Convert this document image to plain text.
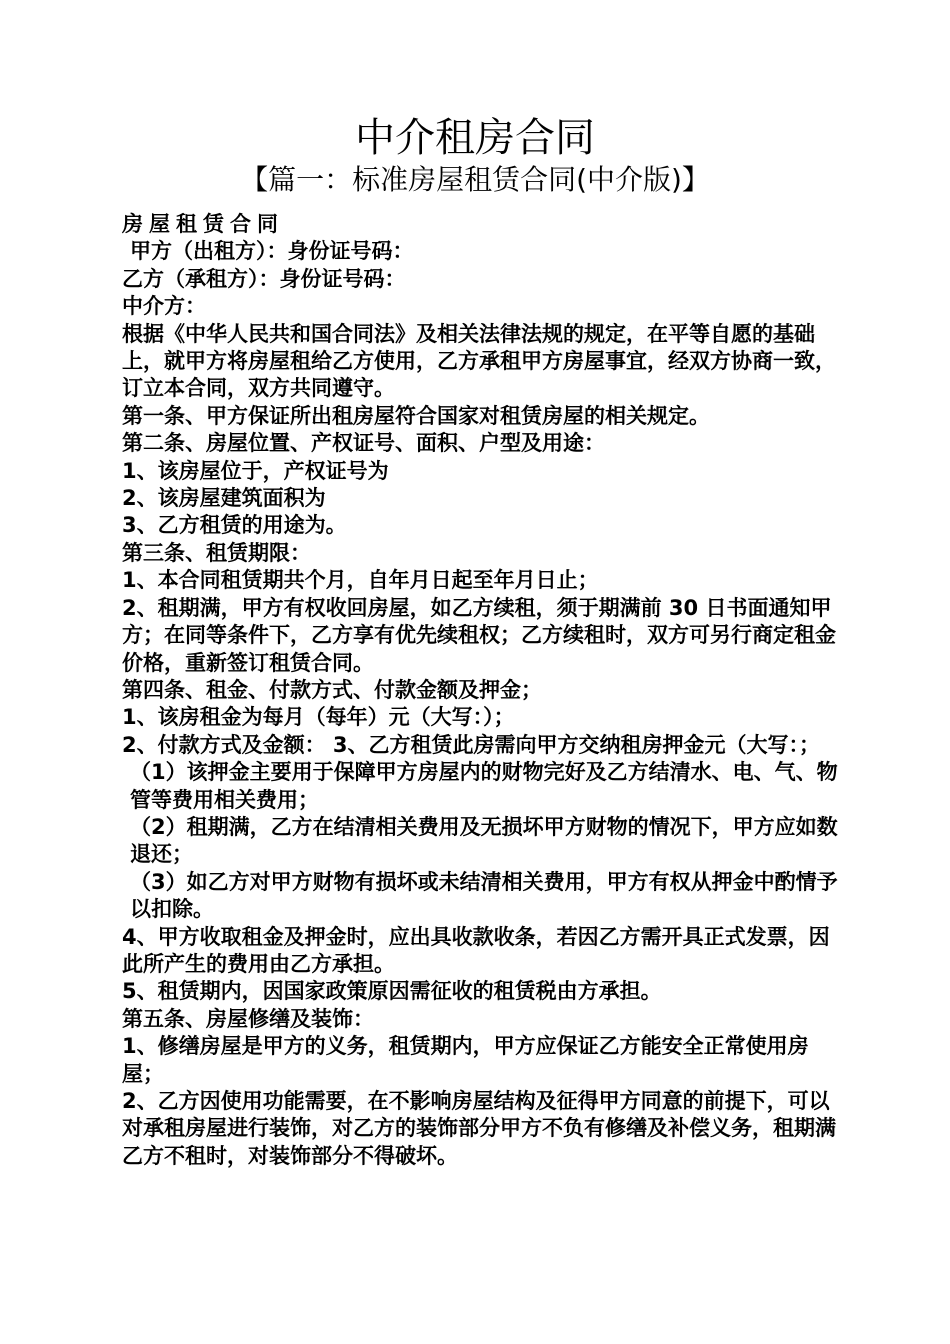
中介租房合同
【篇一：标准房屋租赁合同(中介版)】

房屋租赁合同

甲方（出租方）：身份证号码：

乙方（承租方）：身份证号码：

中介方：

根据《中华人民共和国合同法》及相关法律法规的规定，在平等自愿的基础上，就甲方将房屋租给乙方使用，乙方承租甲方房屋事宜，经双方协商一致，订立本合同，双方共同遵守。

第一条、甲方保证所出租房屋符合国家对租赁房屋的相关规定。

第二条、房屋位置、产权证号、面积、户型及用途：

1、该房屋位于，产权证号为

2、该房屋建筑面积为

3、乙方租赁的用途为。

第三条、租赁期限：

1、本合同租赁期共个月，自年月日起至年月日止；

2、租期满，甲方有权收回房屋，如乙方续租，须于期满前 30 日书面通知甲方；在同等条件下，乙方享有优先续租权；乙方续租时，双方可另行商定租金价格，重新签订租赁合同。

第四条、租金、付款方式、付款金额及押金；

1、该房租金为每月（每年）元（大写：）；

2、付款方式及金额： 3、乙方租赁此房需向甲方交纳租房押金元（大写：；

（1）该押金主要用于保障甲方房屋内的财物完好及乙方结清水、电、气、物管等费用相关费用；

（2）租期满，乙方在结清相关费用及无损坏甲方财物的情况下，甲方应如数退还；

（3）如乙方对甲方财物有损坏或未结清相关费用，甲方有权从押金中酌情予以扣除。

4、甲方收取租金及押金时，应出具收款收条，若因乙方需开具正式发票，因此所产生的费用由乙方承担。

5、租赁期内，因国家政策原因需征收的租赁税由方承担。

第五条、房屋修缮及装饰：

1、修缮房屋是甲方的义务，租赁期内，甲方应保证乙方能安全正常使用房屋；

2、乙方因使用功能需要，在不影响房屋结构及征得甲方同意的前提下，可以对承租房屋进行装饰，对乙方的装饰部分甲方不负有修缮及补偿义务，租期满乙方不租时，对装饰部分不得破坏。
